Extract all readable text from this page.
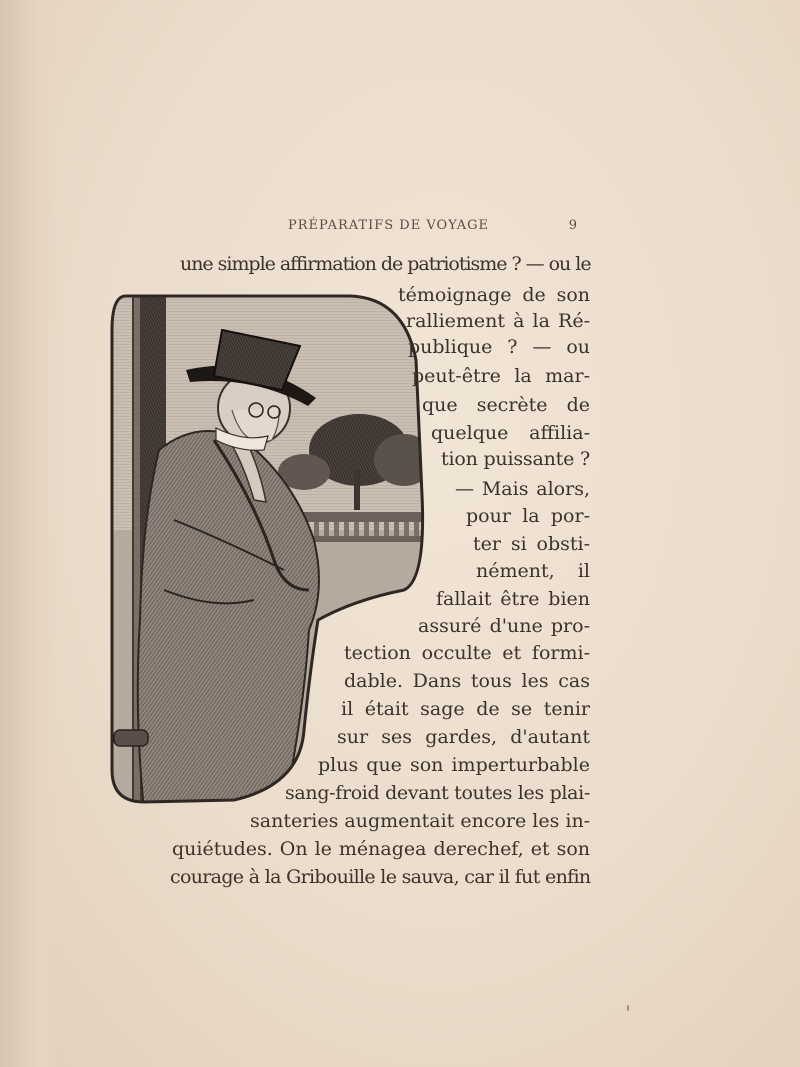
PRÉPARATIFS DE VOYAGE	9
une simple affirmation de patriotisme ? — ou le
témoignage de son
ralliement à la Ré-
publique ? — ou
peut-être la mar-
que secrète de
quelque affilia-
tion puissante ?
— Mais alors,
pour la por-
ter si obsti-
nément, il
fallait être bien
assuré d'une pro-
tection occulte et formi-
dable. Dans tous les cas
il était sage de se tenir
sur ses gardes, d'autant
plus que son imperturbable
sang-froid devant toutes les plai-
santeries augmentait encore les in-
quiétudes. On le ménagea derechef, et son
courage à la Gribouille le sauva, car il fut enfin
